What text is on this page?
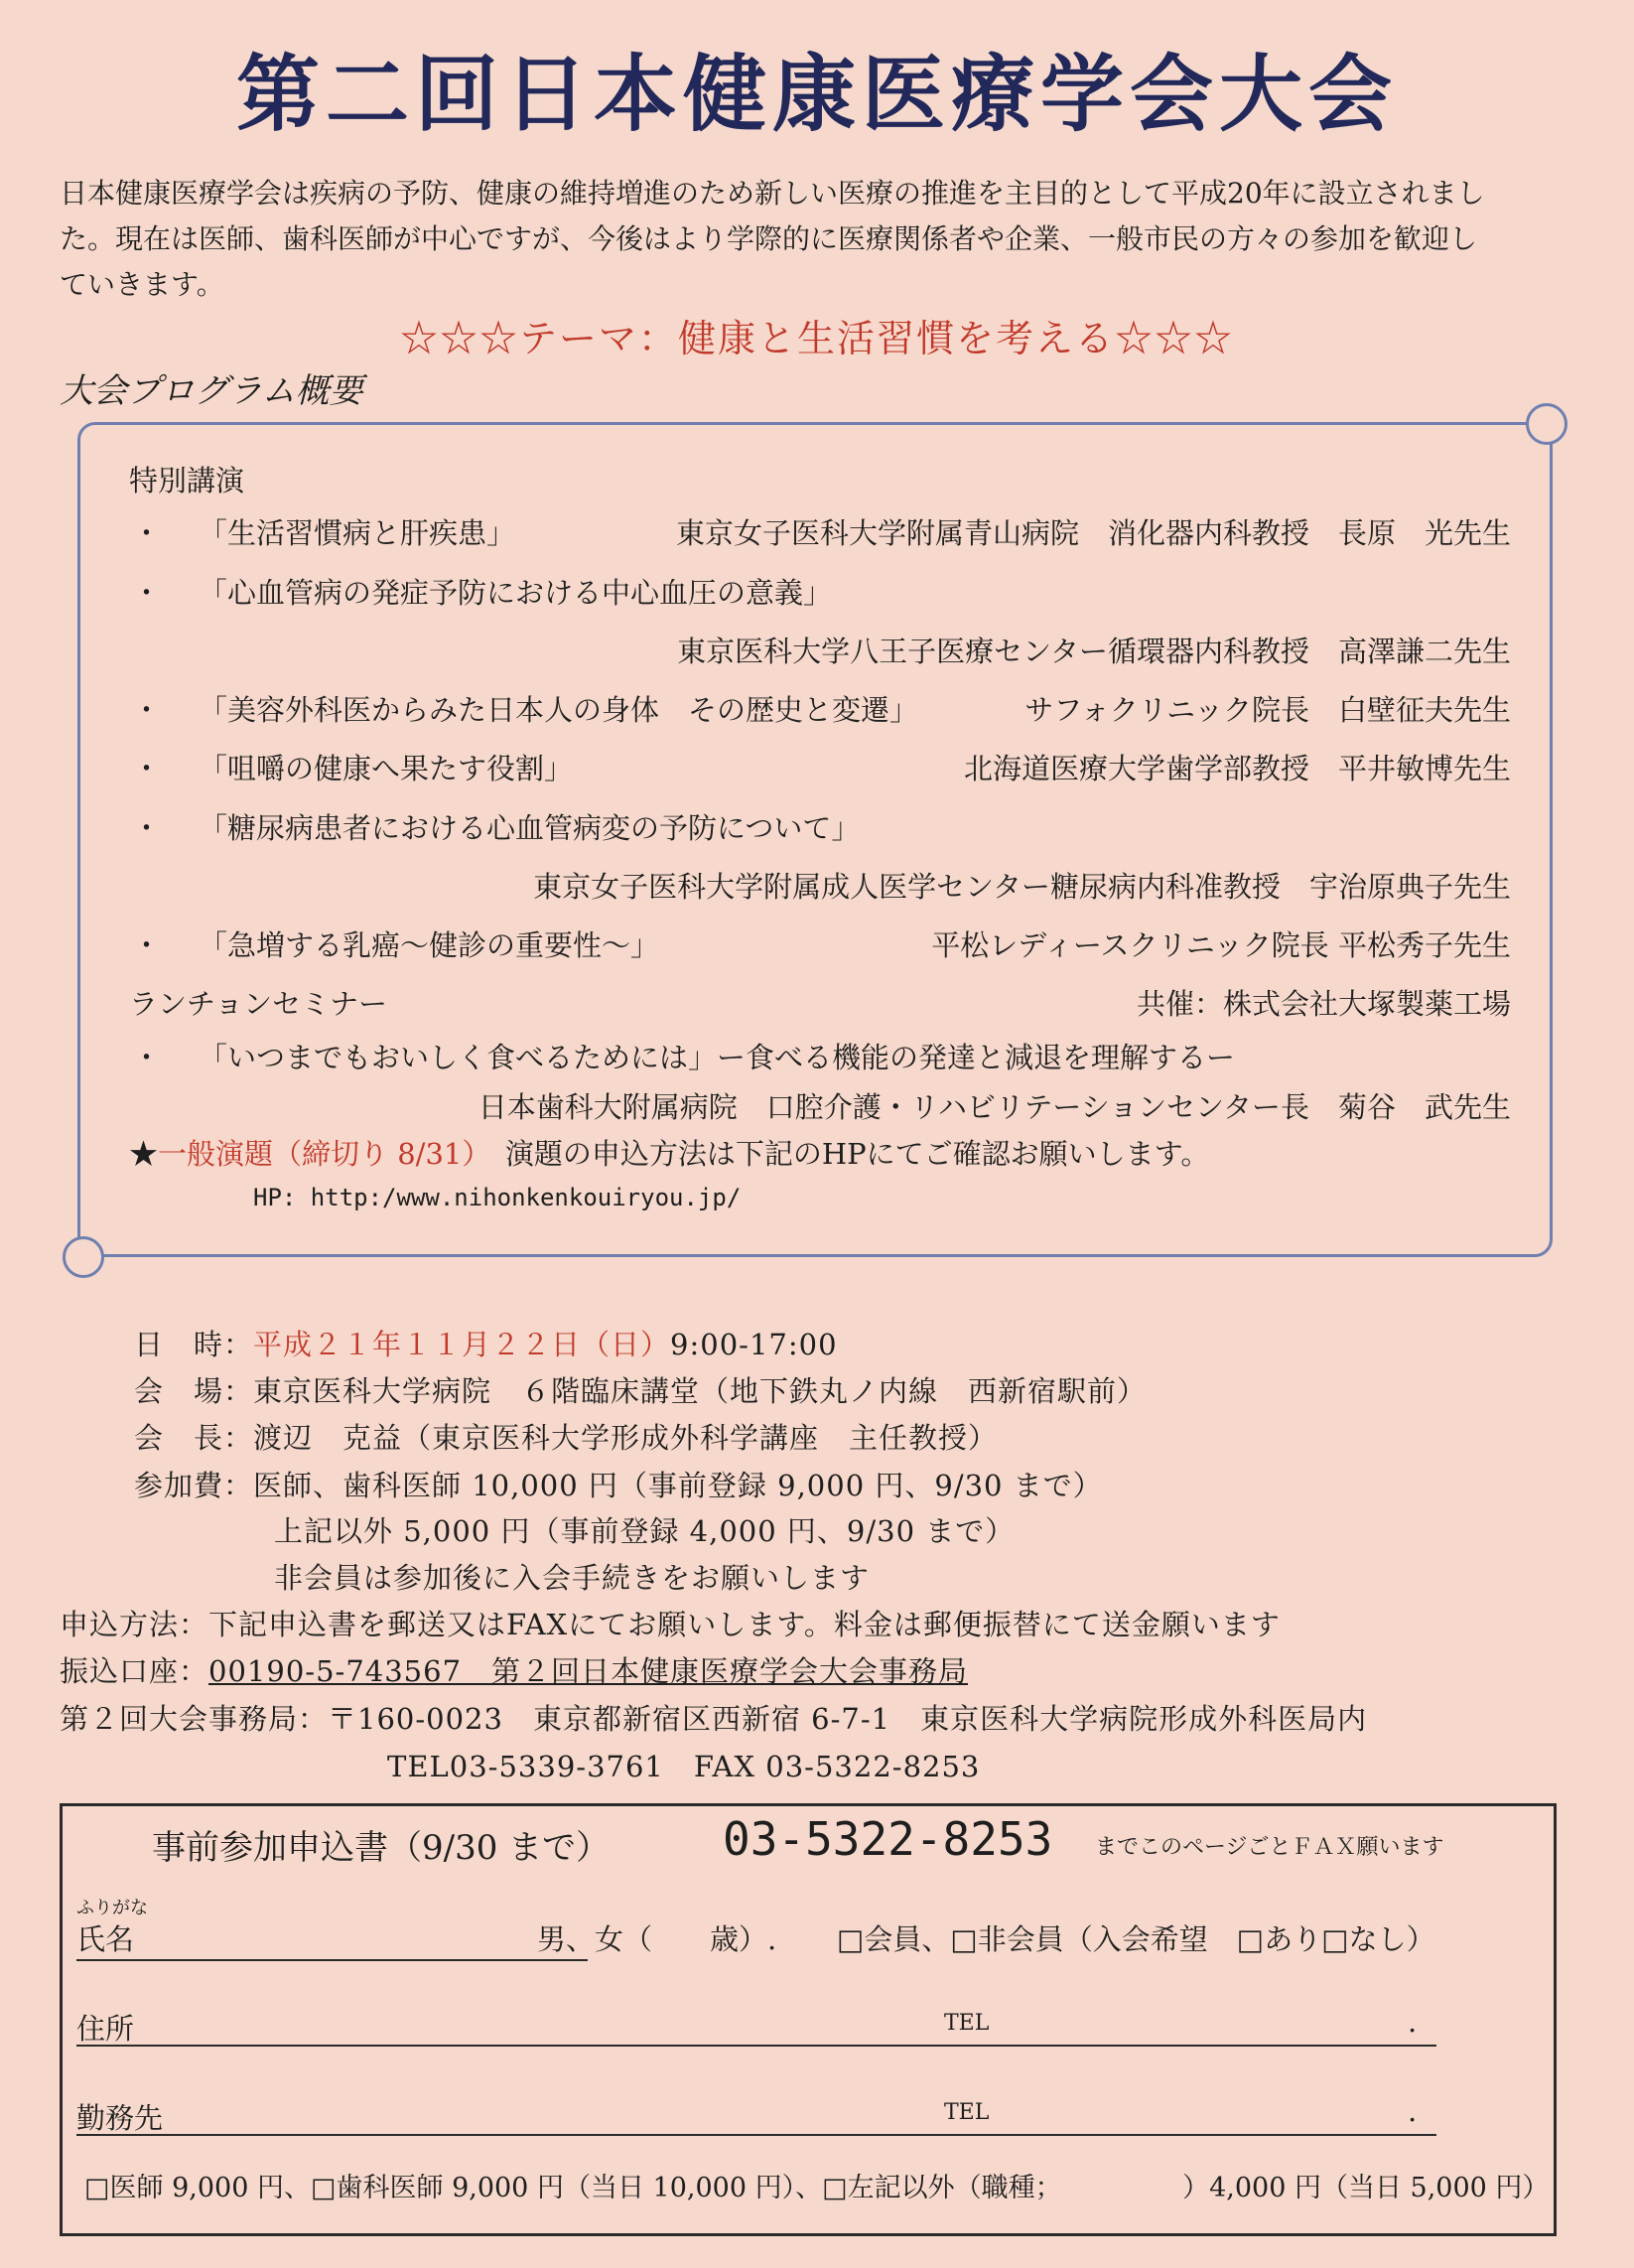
第二回日本健康医療学会大会
日本健康医療学会は疾病の予防、健康の維持増進のため新しい医療の推進を主目的として平成20年に設立されまし
た。現在は医師、歯科医師が中心ですが、今後はより学際的に医療関係者や企業、一般市民の方々の参加を歓迎し
ていきます。
☆☆☆テーマ：健康と生活習慣を考える☆☆☆
大会プログラム概要
特別講演
・ 「生活習慣病と肝疾患」	東京女子医科大学附属青山病院　消化器内科教授　長原　光先生
・ 「心血管病の発症予防における中心血圧の意義」
東京医科大学八王子医療センター循環器内科教授　高澤謙二先生
・ 「美容外科医からみた日本人の身体　その歴史と変遷」	サフォクリニック院長　白壁征夫先生
・ 「咀嚼の健康へ果たす役割」	北海道医療大学歯学部教授　平井敏博先生
・ 「糖尿病患者における心血管病変の予防について」
東京女子医科大学附属成人医学センター糖尿病内科准教授　宇治原典子先生
・ 「急増する乳癌～健診の重要性～」	平松レディースクリニック院長 平松秀子先生
ランチョンセミナー	共催：株式会社大塚製薬工場
・ 「いつまでもおいしく食べるためには」ー食べる機能の発達と減退を理解するー
日本歯科大附属病院　口腔介護・リハビリテーションセンター長　菊谷　武先生
★一般演題（締切り 8/31）　 演題の申込方法は下記のHPにてご確認お願いします。
HP: http:/www.nihonkenkouiryou.jp/
日　時：平成２１年１１月２２日（日）9:00-17:00
会　場：東京医科大学病院　６階臨床講堂（地下鉄丸ノ内線　西新宿駅前）
会　長：渡辺　克益（東京医科大学形成外科学講座　主任教授）
参加費：医師、歯科医師 10,000 円（事前登録 9,000 円、9/30 まで）
上記以外 5,000 円（事前登録 4,000 円、9/30 まで）
非会員は参加後に入会手続きをお願いします
申込方法：下記申込書を郵送又はFAXにてお願いします。料金は郵便振替にて送金願います
振込口座：00190-5-743567　第２回日本健康医療学会大会事務局
第２回大会事務局：〒160-0023　東京都新宿区西新宿 6-7-1　東京医科大学病院形成外科医局内
TEL03-5339-3761　FAX 03-5322-8253
事前参加申込書（9/30 まで） 03-5322-8253 までこのページごとＦＡＸ願います
ふりがな
氏名	男、女（　　歳）. □会員、□非会員（入会希望　□あり□なし）
住所	TEL	.
勤務先	TEL	.
□医師 9,000 円、□歯科医師 9,000 円（当日 10,000 円）、□左記以外（職種；　　　　　）4,000 円（当日 5,000 円）
